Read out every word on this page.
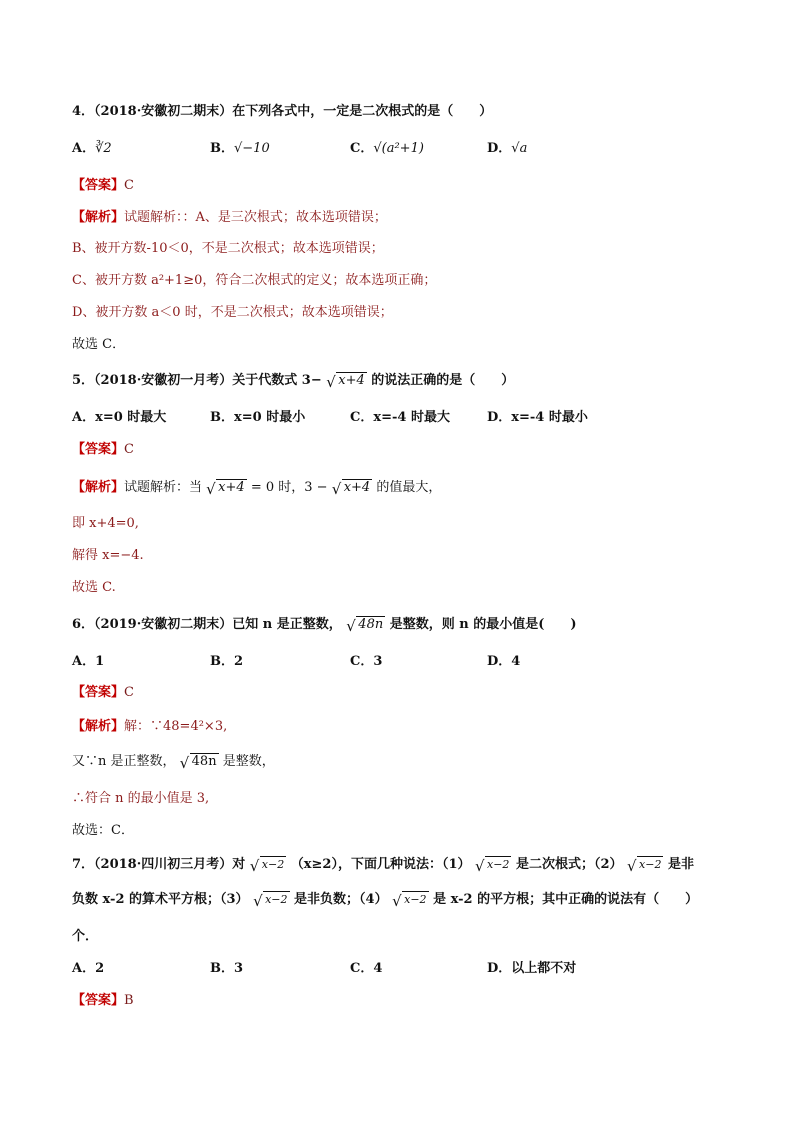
4．（2018·安徽初二期末）在下列各式中，一定是二次根式的是（　　）
A．∛2	B．√−10	C．√(a²+1)	D．√a
【答案】C
【解析】试题解析：：A、是三次根式；故本选项错误；
B、被开方数-10＜0，不是二次根式；故本选项错误；
C、被开方数 a²+1≥0，符合二次根式的定义；故本选项正确；
D、被开方数 a＜0 时，不是二次根式；故本选项错误；
故选 C．
5．（2018·安徽初一月考）关于代数式 3− √ x+4 的说法正确的是（　　）
A．x=0 时最大	B．x=0 时最小	C．x=-4 时最大	D．x=-4 时最小
【答案】C
【解析】试题解析：当 √ x+4 = 0 时，3 − √ x+4 的值最大，
即 x+4=0,
解得 x=−4.
故选 C.
6．（2019·安徽初二期末）已知 n 是正整数， √ 48n 是整数，则 n 的最小值是(　　)
A．1	B．2	C．3	D．4
【答案】C
【解析】解：∵48=4²×3,
又∵n 是正整数， √ 48n 是整数，
∴符合 n 的最小值是 3,
故选：C．
7．（2018·四川初三月考）对 √ x−2 （x≥2），下面几种说法：（1） √ x−2 是二次根式；（2） √ x−2 是非
负数 x-2 的算术平方根；（3） √ x−2 是非负数；（4） √ x−2 是 x-2 的平方根；其中正确的说法有（　　）
个．
A．2	B．3	C．4	D．以上都不对
【答案】B
